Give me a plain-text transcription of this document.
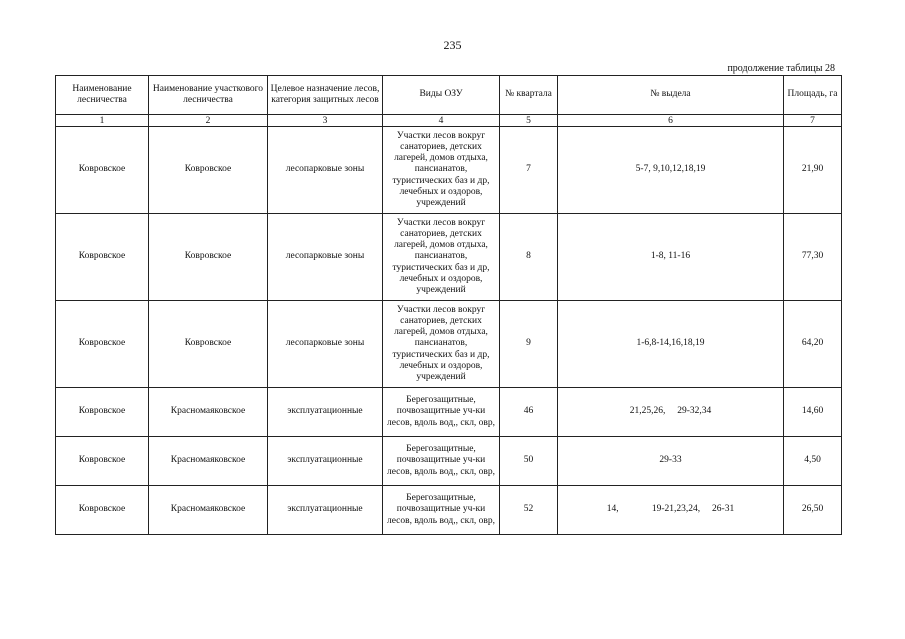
235
продолжение таблицы 28
Наименование лесничества	Наименование участкового лесничества	Целевое назначение лесов, категория защитных лесов	Виды ОЗУ	№ квартала	№ выдела	Площадь, га
1	2	3	4	5	6	7
Ковровское	Ковровское	лесопарковые зоны	Участки лесов вокруг санаториев, детских лагерей, домов отдыха, пансианатов, туристических баз и др, лечебных и оздоров, учреждений	7	5-7, 9,10,12,18,19	21,90
Ковровское	Ковровское	лесопарковые зоны	Участки лесов вокруг санаториев, детских лагерей, домов отдыха, пансианатов, туристических баз и др, лечебных и оздоров, учреждений	8	1-8, 11-16	77,30
Ковровское	Ковровское	лесопарковые зоны	Участки лесов вокруг санаториев, детских лагерей, домов отдыха, пансианатов, туристических баз и др, лечебных и оздоров, учреждений	9	1-6,8-14,16,18,19	64,20
Ковровское	Красномаяковское	эксплуатационные	Берегозащитные, почвозащитные уч-ки лесов, вдоль вод,, скл, овр,	46	21,25,26,     29-32,34	14,60
Ковровское	Красномаяковское	эксплуатационные	Берегозащитные, почвозащитные уч-ки лесов, вдоль вод,, скл, овр,	50	29-33	4,50
Ковровское	Красномаяковское	эксплуатационные	Берегозащитные, почвозащитные уч-ки лесов, вдоль вод,, скл, овр,	52	14,              19-21,23,24,     26-31	26,50
